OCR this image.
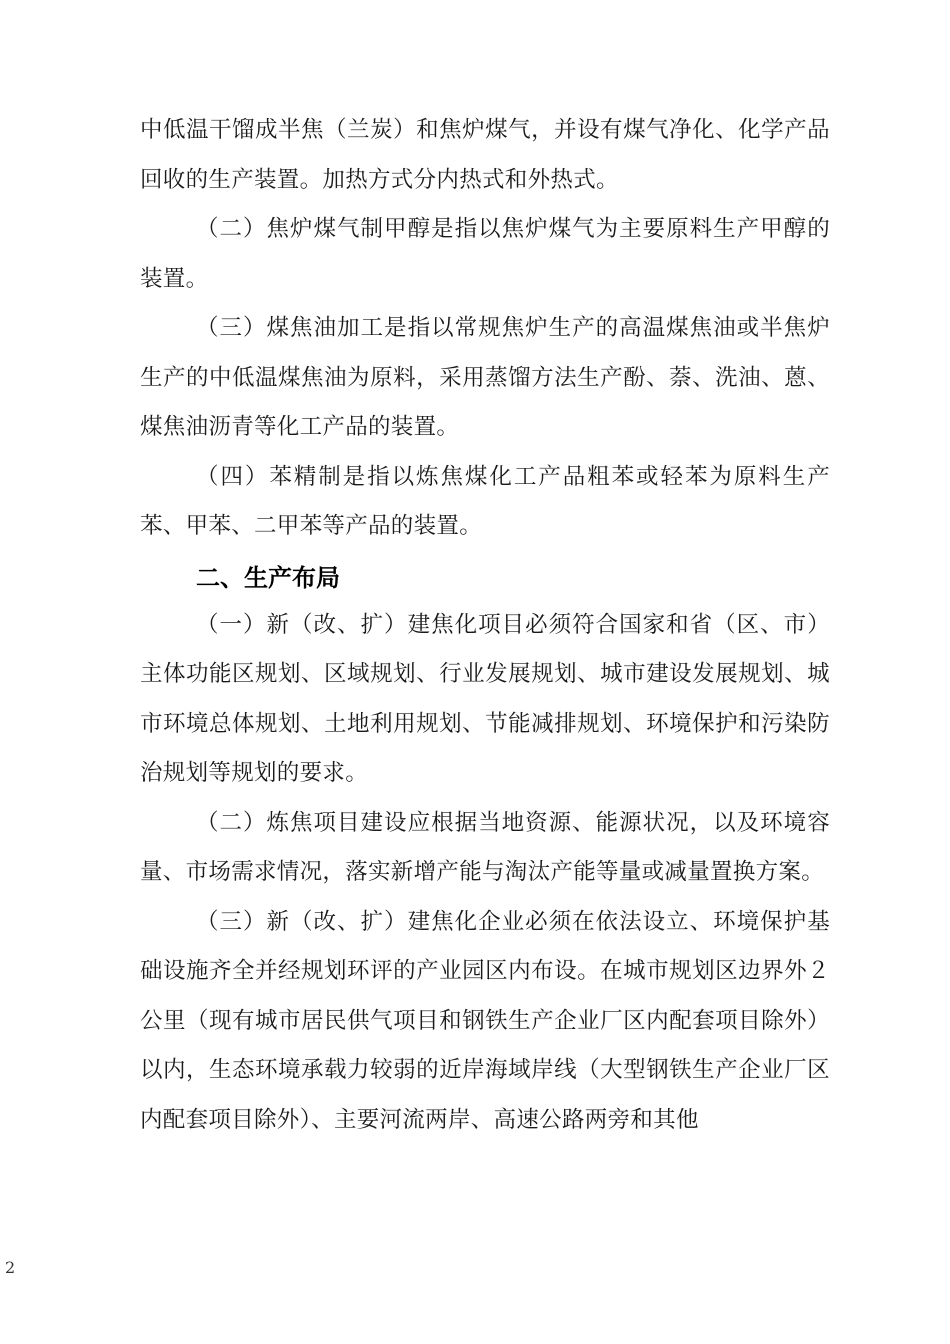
中低温干馏成半焦（兰炭）和焦炉煤气，并设有煤气净化、化学产品回收的生产装置。加热方式分内热式和外热式。

（二）焦炉煤气制甲醇是指以焦炉煤气为主要原料生产甲醇的装置。

（三）煤焦油加工是指以常规焦炉生产的高温煤焦油或半焦炉生产的中低温煤焦油为原料，采用蒸馏方法生产酚、萘、洗油、蒽、煤焦油沥青等化工产品的装置。

（四）苯精制是指以炼焦煤化工产品粗苯或轻苯为原料生产苯、甲苯、二甲苯等产品的装置。

二、生产布局

（一）新（改、扩）建焦化项目必须符合国家和省（区、市）主体功能区规划、区域规划、行业发展规划、城市建设发展规划、城市环境总体规划、土地利用规划、节能减排规划、环境保护和污染防治规划等规划的要求。

（二）炼焦项目建设应根据当地资源、能源状况，以及环境容量、市场需求情况，落实新增产能与淘汰产能等量或减量置换方案。

（三）新（改、扩）建焦化企业必须在依法设立、环境保护基础设施齐全并经规划环评的产业园区内布设。在城市规划区边界外２公里（现有城市居民供气项目和钢铁生产企业厂区内配套项目除外）以内，生态环境承载力较弱的近岸海域岸线（大型钢铁生产企业厂区内配套项目除外）、主要河流两岸、高速公路两旁和其他

2
